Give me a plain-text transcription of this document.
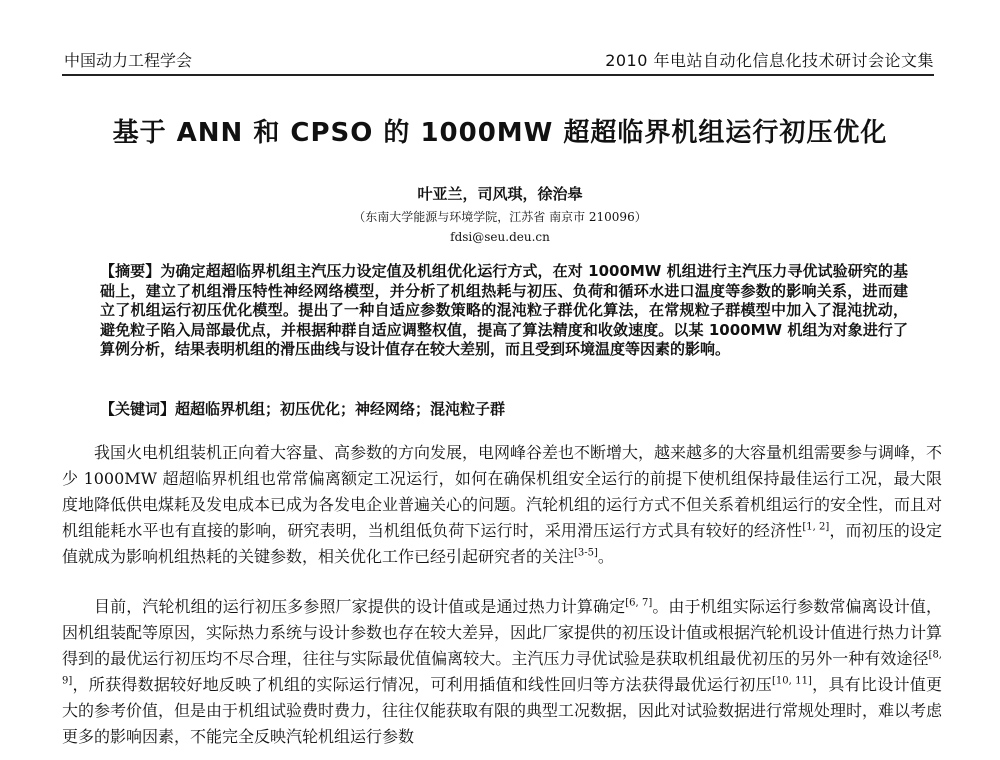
中国动力工程学会	2010 年电站自动化信息化技术研讨会论文集
基于 ANN 和 CPSO 的 1000MW 超超临界机组运行初压优化
叶亚兰，司风琪，徐治皋
（东南大学能源与环境学院，江苏省 南京市 210096）
fdsi@seu.deu.cn
【摘要】为确定超超临界机组主汽压力设定值及机组优化运行方式，在对 1000MW 机组进行主汽压力寻优试验研究的基础上，建立了机组滑压特性神经网络模型，并分析了机组热耗与初压、负荷和循环水进口温度等参数的影响关系，进而建立了机组运行初压优化模型。提出了一种自适应参数策略的混沌粒子群优化算法，在常规粒子群模型中加入了混沌扰动，避免粒子陷入局部最优点，并根据种群自适应调整权值，提高了算法精度和收敛速度。以某 1000MW 机组为对象进行了算例分析，结果表明机组的滑压曲线与设计值存在较大差别，而且受到环境温度等因素的影响。
【关键词】超超临界机组；初压优化；神经网络；混沌粒子群
我国火电机组装机正向着大容量、高参数的方向发展，电网峰谷差也不断增大，越来越多的大容量机组需要参与调峰，不少 1000MW 超超临界机组也常常偏离额定工况运行，如何在确保机组安全运行的前提下使机组保持最佳运行工况，最大限度地降低供电煤耗及发电成本已成为各发电企业普遍关心的问题。汽轮机组的运行方式不但关系着机组运行的安全性，而且对机组能耗水平也有直接的影响，研究表明，当机组低负荷下运行时，采用滑压运行方式具有较好的经济性[1, 2]，而初压的设定值就成为影响机组热耗的关键参数，相关优化工作已经引起研究者的关注[3-5]。
目前，汽轮机组的运行初压多参照厂家提供的设计值或是通过热力计算确定[6, 7]。由于机组实际运行参数常偏离设计值，因机组装配等原因，实际热力系统与设计参数也存在较大差异，因此厂家提供的初压设计值或根据汽轮机设计值进行热力计算得到的最优运行初压均不尽合理，往往与实际最优值偏离较大。主汽压力寻优试验是获取机组最优初压的另外一种有效途径[8, 9]，所获得数据较好地反映了机组的实际运行情况，可利用插值和线性回归等方法获得最优运行初压[10, 11]，具有比设计值更大的参考价值，但是由于机组试验费时费力，往往仅能获取有限的典型工况数据，因此对试验数据进行常规处理时，难以考虑更多的影响因素，不能完全反映汽轮机组运行参数
